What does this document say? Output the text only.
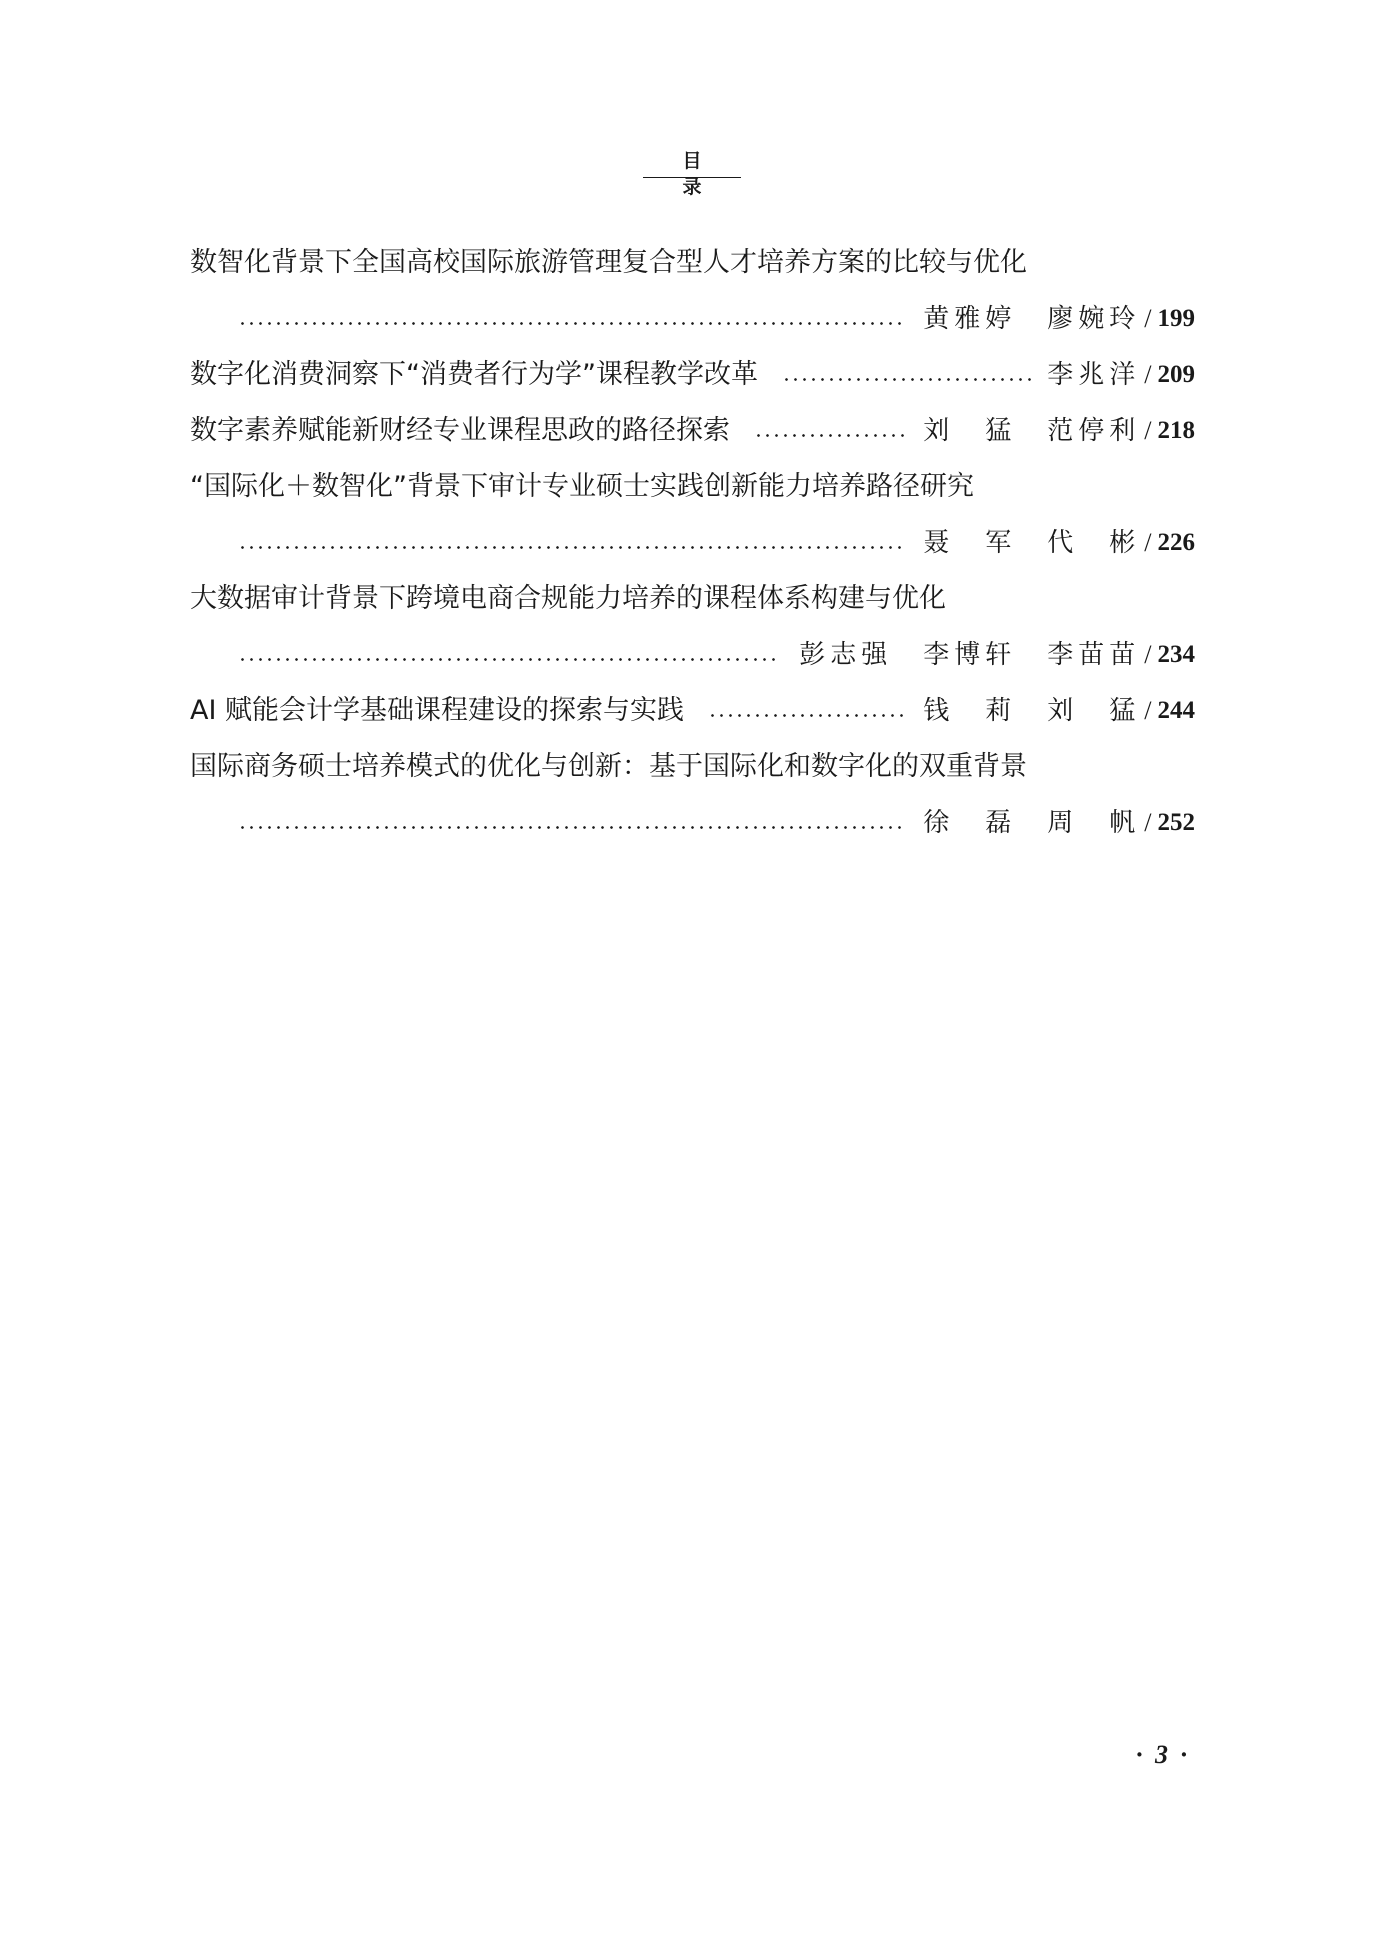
目录
数智化背景下全国高校国际旅游管理复合型人才培养方案的比较与优化
黄雅婷　廖婉玲 / 199
数字化消费洞察下“消费者行为学”课程教学改革	李兆洋 / 209
数字素养赋能新财经专业课程思政的路径探索	刘　猛　范停利 / 218
“国际化＋数智化”背景下审计专业硕士实践创新能力培养路径研究
聂　军　代　彬 / 226
大数据审计背景下跨境电商合规能力培养的课程体系构建与优化
彭志强　李博轩　李苗苗 / 234
AI 赋能会计学基础课程建设的探索与实践	钱　莉　刘　猛 / 244
国际商务硕士培养模式的优化与创新：基于国际化和数字化的双重背景
徐　磊　周　帆 / 252
· 3 ·
